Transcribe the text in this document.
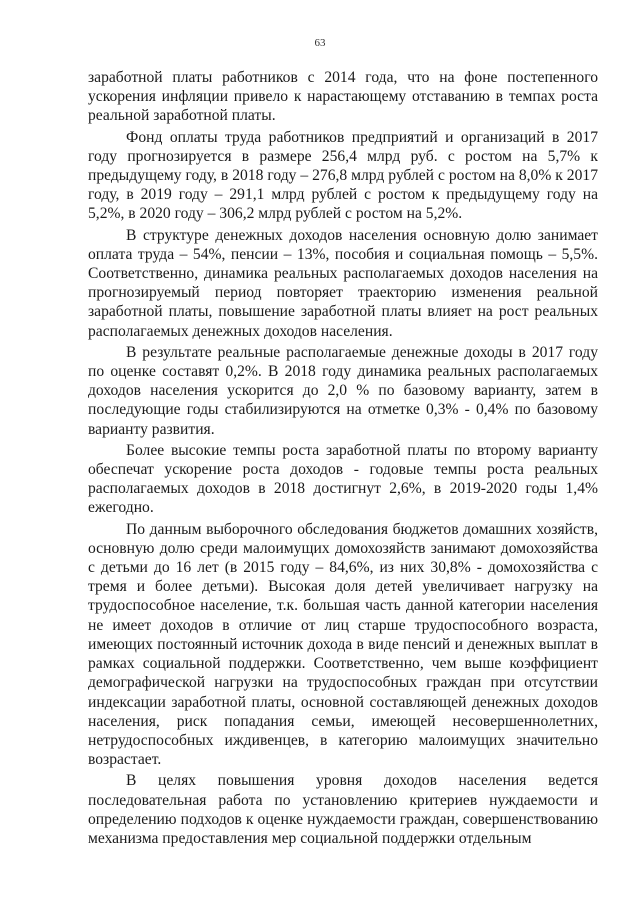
63

заработной платы работников с 2014 года, что на фоне постепенного ускорения инфляции привело к нарастающему отставанию в темпах роста реальной заработной платы.

Фонд оплаты труда работников предприятий и организаций в 2017 году прогнозируется в размере 256,4 млрд руб. с ростом на 5,7% к предыдущему году, в 2018 году – 276,8 млрд рублей с ростом на 8,0% к 2017 году, в 2019 году – 291,1 млрд рублей с ростом к предыдущему году на 5,2%, в 2020 году – 306,2 млрд рублей с ростом на 5,2%.

В структуре денежных доходов населения основную долю занимает оплата труда – 54%, пенсии – 13%, пособия и социальная помощь – 5,5%. Соответственно, динамика реальных располагаемых доходов населения на прогнозируемый период повторяет траекторию изменения реальной заработной платы, повышение заработной платы влияет на рост реальных располагаемых денежных доходов населения.

В результате реальные располагаемые денежные доходы в 2017 году по оценке составят 0,2%. В 2018 году динамика реальных располагаемых доходов населения ускорится до 2,0 % по базовому варианту, затем в последующие годы стабилизируются на отметке 0,3% - 0,4% по базовому варианту развития.

Более высокие темпы роста заработной платы по второму варианту обеспечат ускорение роста доходов - годовые темпы роста реальных располагаемых доходов в 2018 достигнут 2,6%, в 2019-2020 годы 1,4% ежегодно.

По данным выборочного обследования бюджетов домашних хозяйств, основную долю среди малоимущих домохозяйств занимают домохозяйства с детьми до 16 лет (в 2015 году – 84,6%, из них 30,8% - домохозяйства с тремя и более детьми). Высокая доля детей увеличивает нагрузку на трудоспособное население, т.к. большая часть данной категории населения не имеет доходов в отличие от лиц старше трудоспособного возраста, имеющих постоянный источник дохода в виде пенсий и денежных выплат в рамках социальной поддержки. Соответственно, чем выше коэффициент демографической нагрузки на трудоспособных граждан при отсутствии индексации заработной платы, основной составляющей денежных доходов населения, риск попадания семьи, имеющей несовершеннолетних, нетрудоспособных иждивенцев, в категорию малоимущих значительно возрастает.

В целях повышения уровня доходов населения ведется последовательная работа по установлению критериев нуждаемости и определению подходов к оценке нуждаемости граждан, совершенствованию механизма предоставления мер социальной поддержки отдельным
